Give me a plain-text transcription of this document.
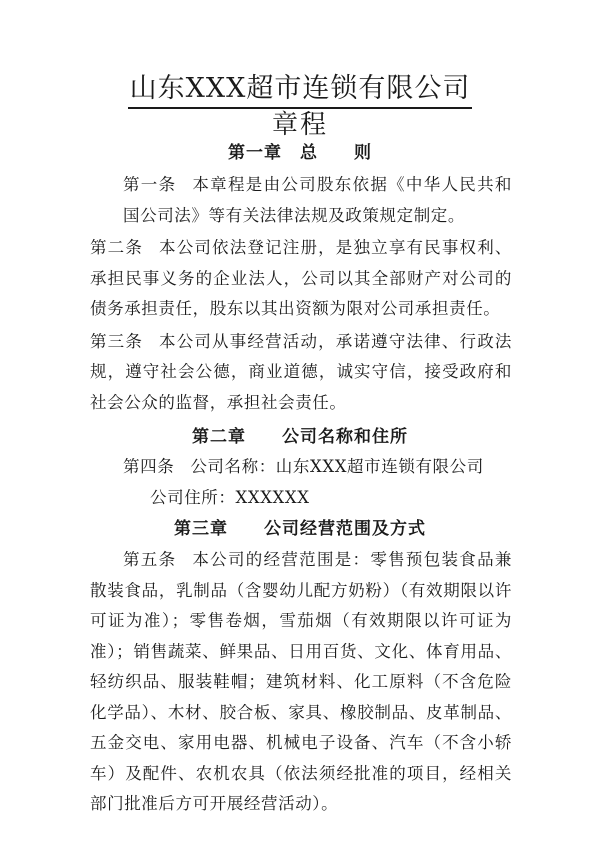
山东XXX超市连锁有限公司
章程
第一章　总　　则

第一条 本章程是由公司股东依据《中华人民共和国公司法》等有关法律法规及政策规定制定。

第二条 本公司依法登记注册，是独立享有民事权利、承担民事义务的企业法人，公司以其全部财产对公司的债务承担责任，股东以其出资额为限对公司承担责任。

第三条 本公司从事经营活动，承诺遵守法律、行政法规，遵守社会公德，商业道德，诚实守信，接受政府和社会公众的监督，承担社会责任。

第二章　　公司名称和住所

第四条 公司名称：山东XXX超市连锁有限公司

公司住所：XXXXXX

第三章　　公司经营范围及方式

第五条 本公司的经营范围是：零售预包装食品兼散装食品，乳制品（含婴幼儿配方奶粉）（有效期限以许可证为准）；零售卷烟，雪茄烟（有效期限以许可证为准）；销售蔬菜、鲜果品、日用百货、文化、体育用品、轻纺织品、服装鞋帽；建筑材料、化工原料（不含危险化学品）、木材、胶合板、家具、橡胶制品、皮革制品、五金交电、家用电器、机械电子设备、汽车（不含小轿车）及配件、农机农具（依法须经批准的项目，经相关部门批准后方可开展经营活动）。
